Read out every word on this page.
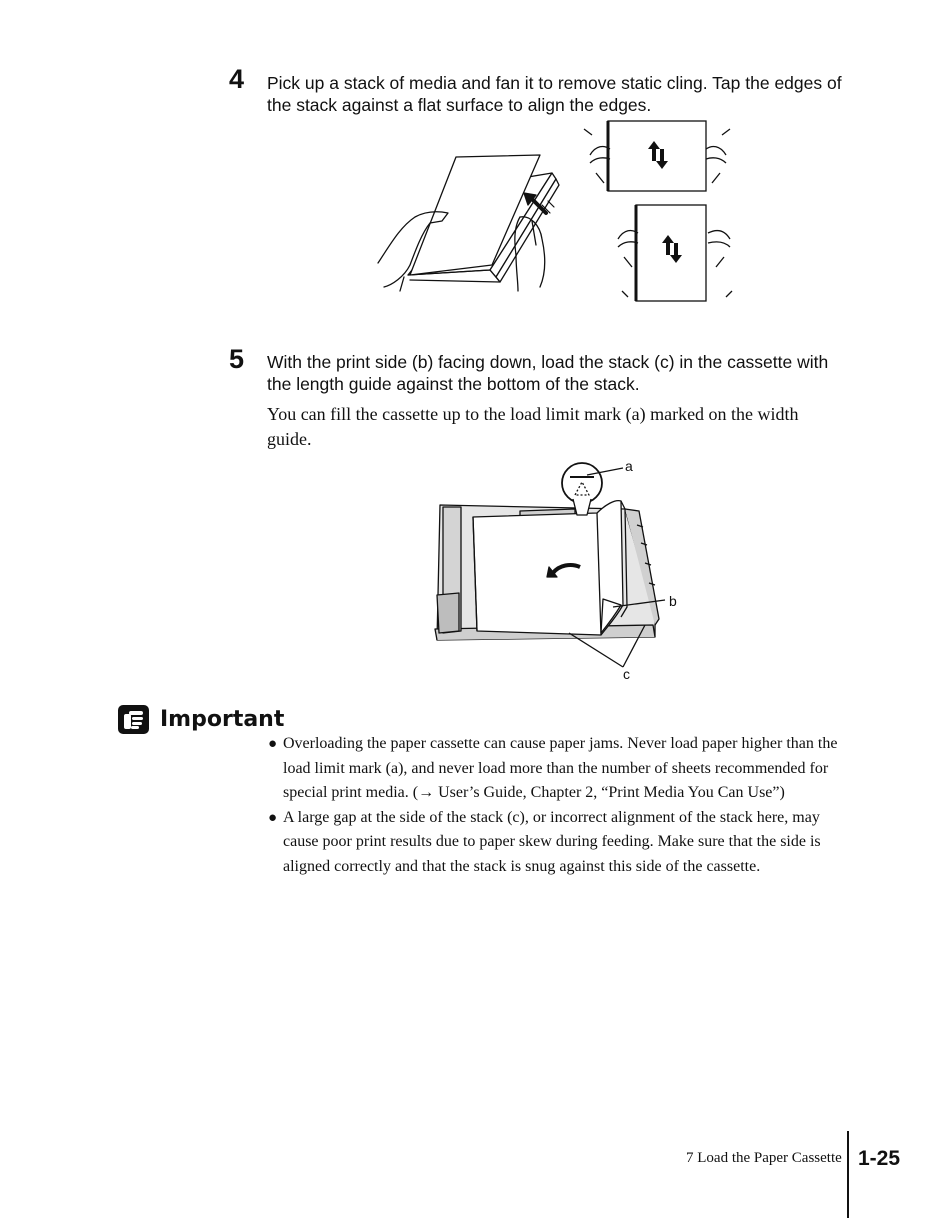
4 Pick up a stack of media and fan it to remove static cling. Tap the edges of the stack against a flat surface to align the edges.
5 With the print side (b) facing down, load the stack (c) in the cassette with the length guide against the bottom of the stack.
You can fill the cassette up to the load limit mark (a) marked on the width guide.
a
b
c
Important
● Overloading the paper cassette can cause paper jams. Never load paper higher than the load limit mark (a), and never load more than the number of sheets recommended for special print media. (→ User’s Guide, Chapter 2, “Print Media You Can Use”)
● A large gap at the side of the stack (c), or incorrect alignment of the stack here, may cause poor print results due to paper skew during feeding. Make sure that the side is aligned correctly and that the stack is snug against this side of the cassette.
7 Load the Paper Cassette 1-25
